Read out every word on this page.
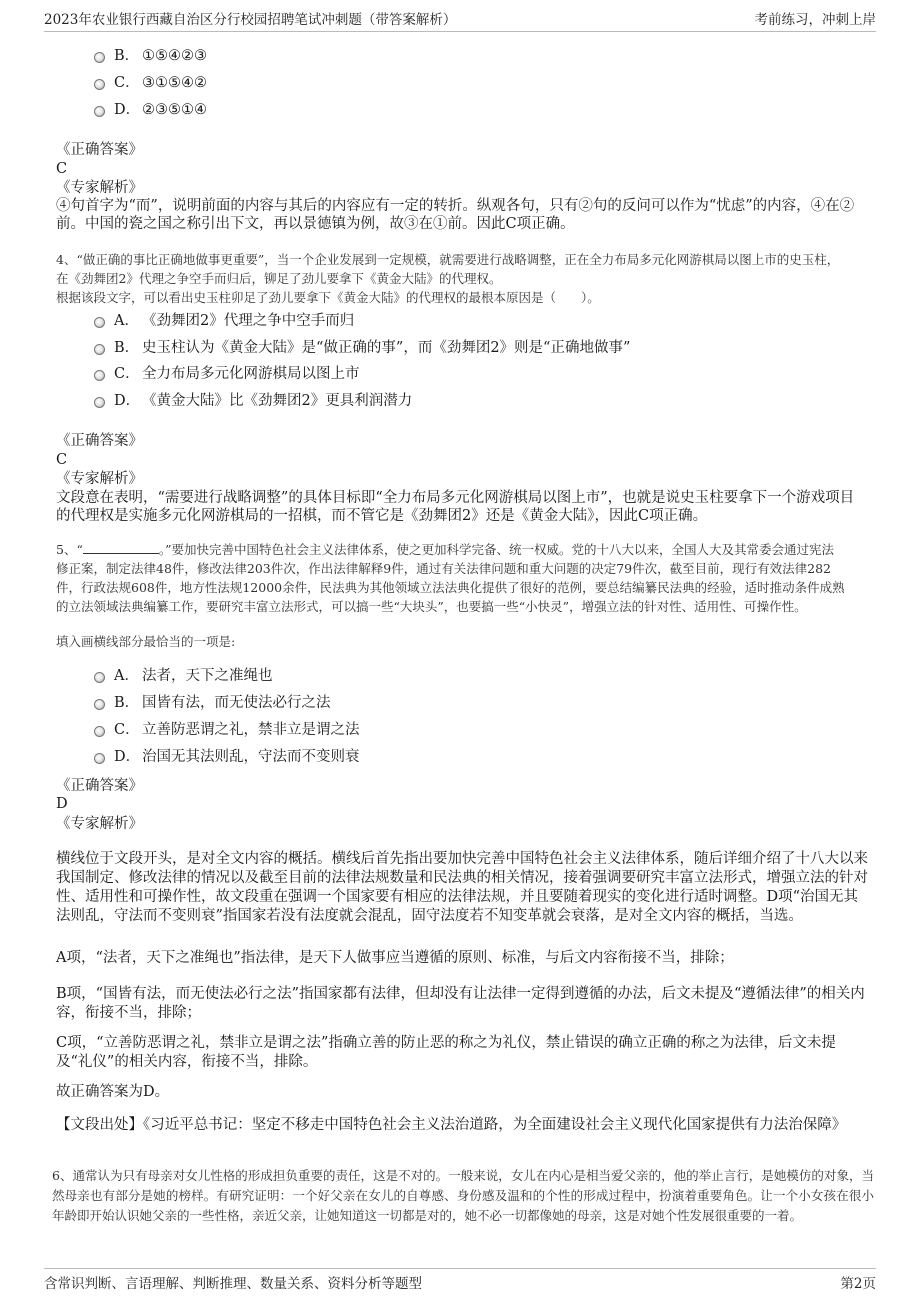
2023年农业银行西藏自治区分行校园招聘笔试冲刺题（带答案解析）	考前练习，冲刺上岸
B． ①⑤④②③
C． ③①⑤④②
D． ②③⑤①④
《正确答案》
C
《专家解析》
④句首字为“而”，说明前面的内容与其后的内容应有一定的转折。纵观各句，只有②句的反问可以作为“忧虑”的内容，④在②
前。中国的瓷之国之称引出下文，再以景德镇为例，故③在①前。因此C项正确。
4、“做正确的事比正确地做事更重要”，当一个企业发展到一定规模，就需要进行战略调整，正在全力布局多元化网游棋局以图上市的史玉柱，
在《劲舞团2》代理之争空手而归后，铆足了劲儿要拿下《黄金大陆》的代理权。
根据该段文字，可以看出史玉柱卯足了劲儿要拿下《黄金大陆》的代理权的最根本原因是（　　）。
A． 《劲舞团2》代理之争中空手而归
B． 史玉柱认为《黄金大陆》是“做正确的事”，而《劲舞团2》则是“正确地做事”
C． 全力布局多元化网游棋局以图上市
D． 《黄金大陆》比《劲舞团2》更具利润潜力
《正确答案》
C
《专家解析》
文段意在表明，“需要进行战略调整”的具体目标即“全力布局多元化网游棋局以图上市”，也就是说史玉柱要拿下一个游戏项目
的代理权是实施多元化网游棋局的一招棋，而不管它是《劲舞团2》还是《黄金大陆》，因此C项正确。
5、“	。”要加快完善中国特色社会主义法律体系，使之更加科学完备、统一权威。党的十八大以来，全国人大及其常委会通过宪法
修正案，制定法律48件，修改法律203件次，作出法律解释9件，通过有关法律问题和重大问题的决定79件次，截至目前，现行有效法律282
件，行政法规608件，地方性法规12000余件，民法典为其他领域立法法典化提供了很好的范例，要总结编纂民法典的经验，适时推动条件成熟
的立法领域法典编纂工作，要研究丰富立法形式，可以搞一些“大块头”，也要搞一些“小快灵”，增强立法的针对性、适用性、可操作性。
填入画横线部分最恰当的一项是:
A． 法者，天下之准绳也
B． 国皆有法，而无使法必行之法
C． 立善防恶谓之礼，禁非立是谓之法
D． 治国无其法则乱，守法而不变则衰
《正确答案》
D
《专家解析》
横线位于文段开头，是对全文内容的概括。横线后首先指出要加快完善中国特色社会主义法律体系，随后详细介绍了十八大以来我国制定、修改法律的情况以及截至目前的法律法规数量和民法典的相关情况，接着强调要研究丰富立法形式，增强立法的针对性、适用性和可操作性，故文段重在强调一个国家要有相应的法律法规，并且要随着现实的变化进行适时调整。D项“治国无其法则乱，守法而不变则衰”指国家若没有法度就会混乱，固守法度若不知变革就会衰落，是对全文内容的概括，当选。
A项，“法者，天下之准绳也”指法律，是天下人做事应当遵循的原则、标准，与后文内容衔接不当，排除；
B项，“国皆有法，而无使法必行之法”指国家都有法律，但却没有让法律一定得到遵循的办法，后文未提及“遵循法律”的相关内容，衔接不当，排除；
C项，“立善防恶谓之礼，禁非立是谓之法”指确立善的防止恶的称之为礼仪，禁止错误的确立正确的称之为法律，后文未提及“礼仪”的相关内容，衔接不当，排除。
故正确答案为D。
【文段出处】《习近平总书记：坚定不移走中国特色社会主义法治道路，为全面建设社会主义现代化国家提供有力法治保障》
6、通常认为只有母亲对女儿性格的形成担负重要的责任，这是不对的。一般来说，女儿在内心是相当爱父亲的，他的举止言行，是她模仿的对象，当然母亲也有部分是她的榜样。有研究证明：一个好父亲在女儿的自尊感、身份感及温和的个性的形成过程中，扮演着重要角色。让一个小女孩在很小年龄即开始认识她父亲的一些性格，亲近父亲，让她知道这一切都是对的，她不必一切都像她的母亲，这是对她个性发展很重要的一着。
含常识判断、言语理解、判断推理、数量关系、资料分析等题型	第2页
